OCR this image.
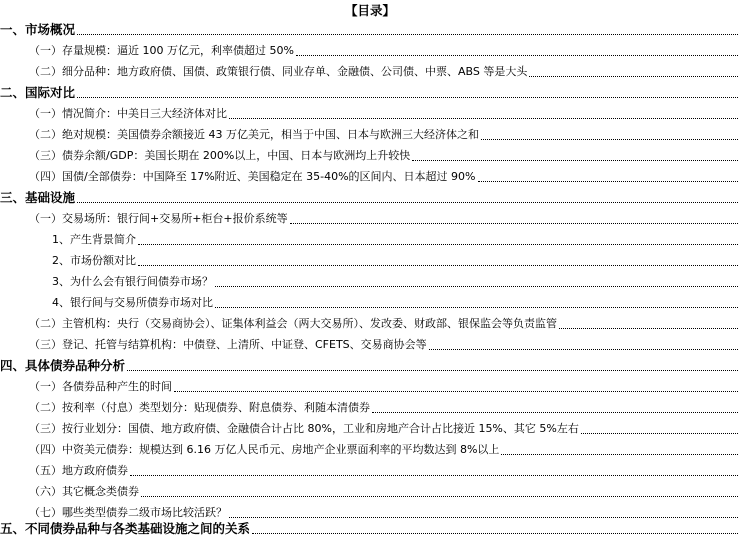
【目录】
一、市场概况
（一）存量规模：逼近 100 万亿元，利率债超过 50%
（二）细分品种：地方政府债、国债、政策银行债、同业存单、金融债、公司债、中票、ABS 等是大头
二、国际对比
（一）情况简介：中美日三大经济体对比
（二）绝对规模：美国债券余额接近 43 万亿美元，相当于中国、日本与欧洲三大经济体之和
（三）债券余额/GDP：美国长期在 200%以上，中国、日本与欧洲均上升较快
（四）国债/全部债券：中国降至 17%附近、美国稳定在 35-40%的区间内、日本超过 90%
三、基础设施
（一）交易场所：银行间+交易所+柜台+报价系统等
1、产生背景简介
2、市场份额对比
3、为什么会有银行间债券市场？
4、银行间与交易所债券市场对比
（二）主管机构：央行（交易商协会）、证集体利益会（两大交易所）、发改委、财政部、银保监会等负责监管
（三）登记、托管与结算机构：中债登、上清所、中证登、CFETS、交易商协会等
四、具体债券品种分析
（一）各债券品种产生的时间
（二）按利率（付息）类型划分：贴现债券、附息债券、利随本清债券
（三）按行业划分：国债、地方政府债、金融债合计占比 80%，工业和房地产合计占比接近 15%、其它 5%左右
（四）中资美元债券：规模达到 6.16 万亿人民币元、房地产企业票面利率的平均数达到 8%以上
（五）地方政府债券
（六）其它概念类债券
（七）哪些类型债券二级市场比较活跃？
五、不同债券品种与各类基础设施之间的关系
